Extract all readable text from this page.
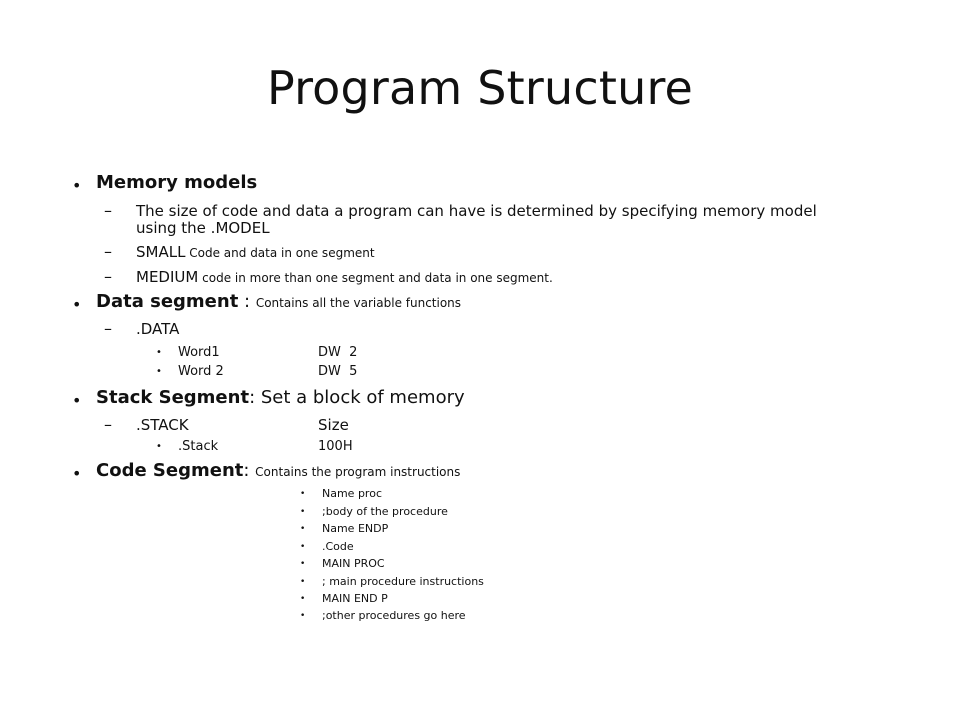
Program Structure
• Memory models
– The size of code and data a program can have is determined by specifying memory model
using the .MODEL
– SMALL Code and data in one segment
– MEDIUM code in more than one segment and data in one segment.
• Data segment : Contains all the variable functions
– .DATA
• Word1	DW  2
• Word 2	DW  5
• Stack Segment: Set a block of memory
– .STACK	Size
• .Stack	100H
• Code Segment: Contains the program instructions
• Name proc
• ;body of the procedure
• Name ENDP
• .Code
• MAIN PROC
• ; main procedure instructions
• MAIN END P
• ;other procedures go here
